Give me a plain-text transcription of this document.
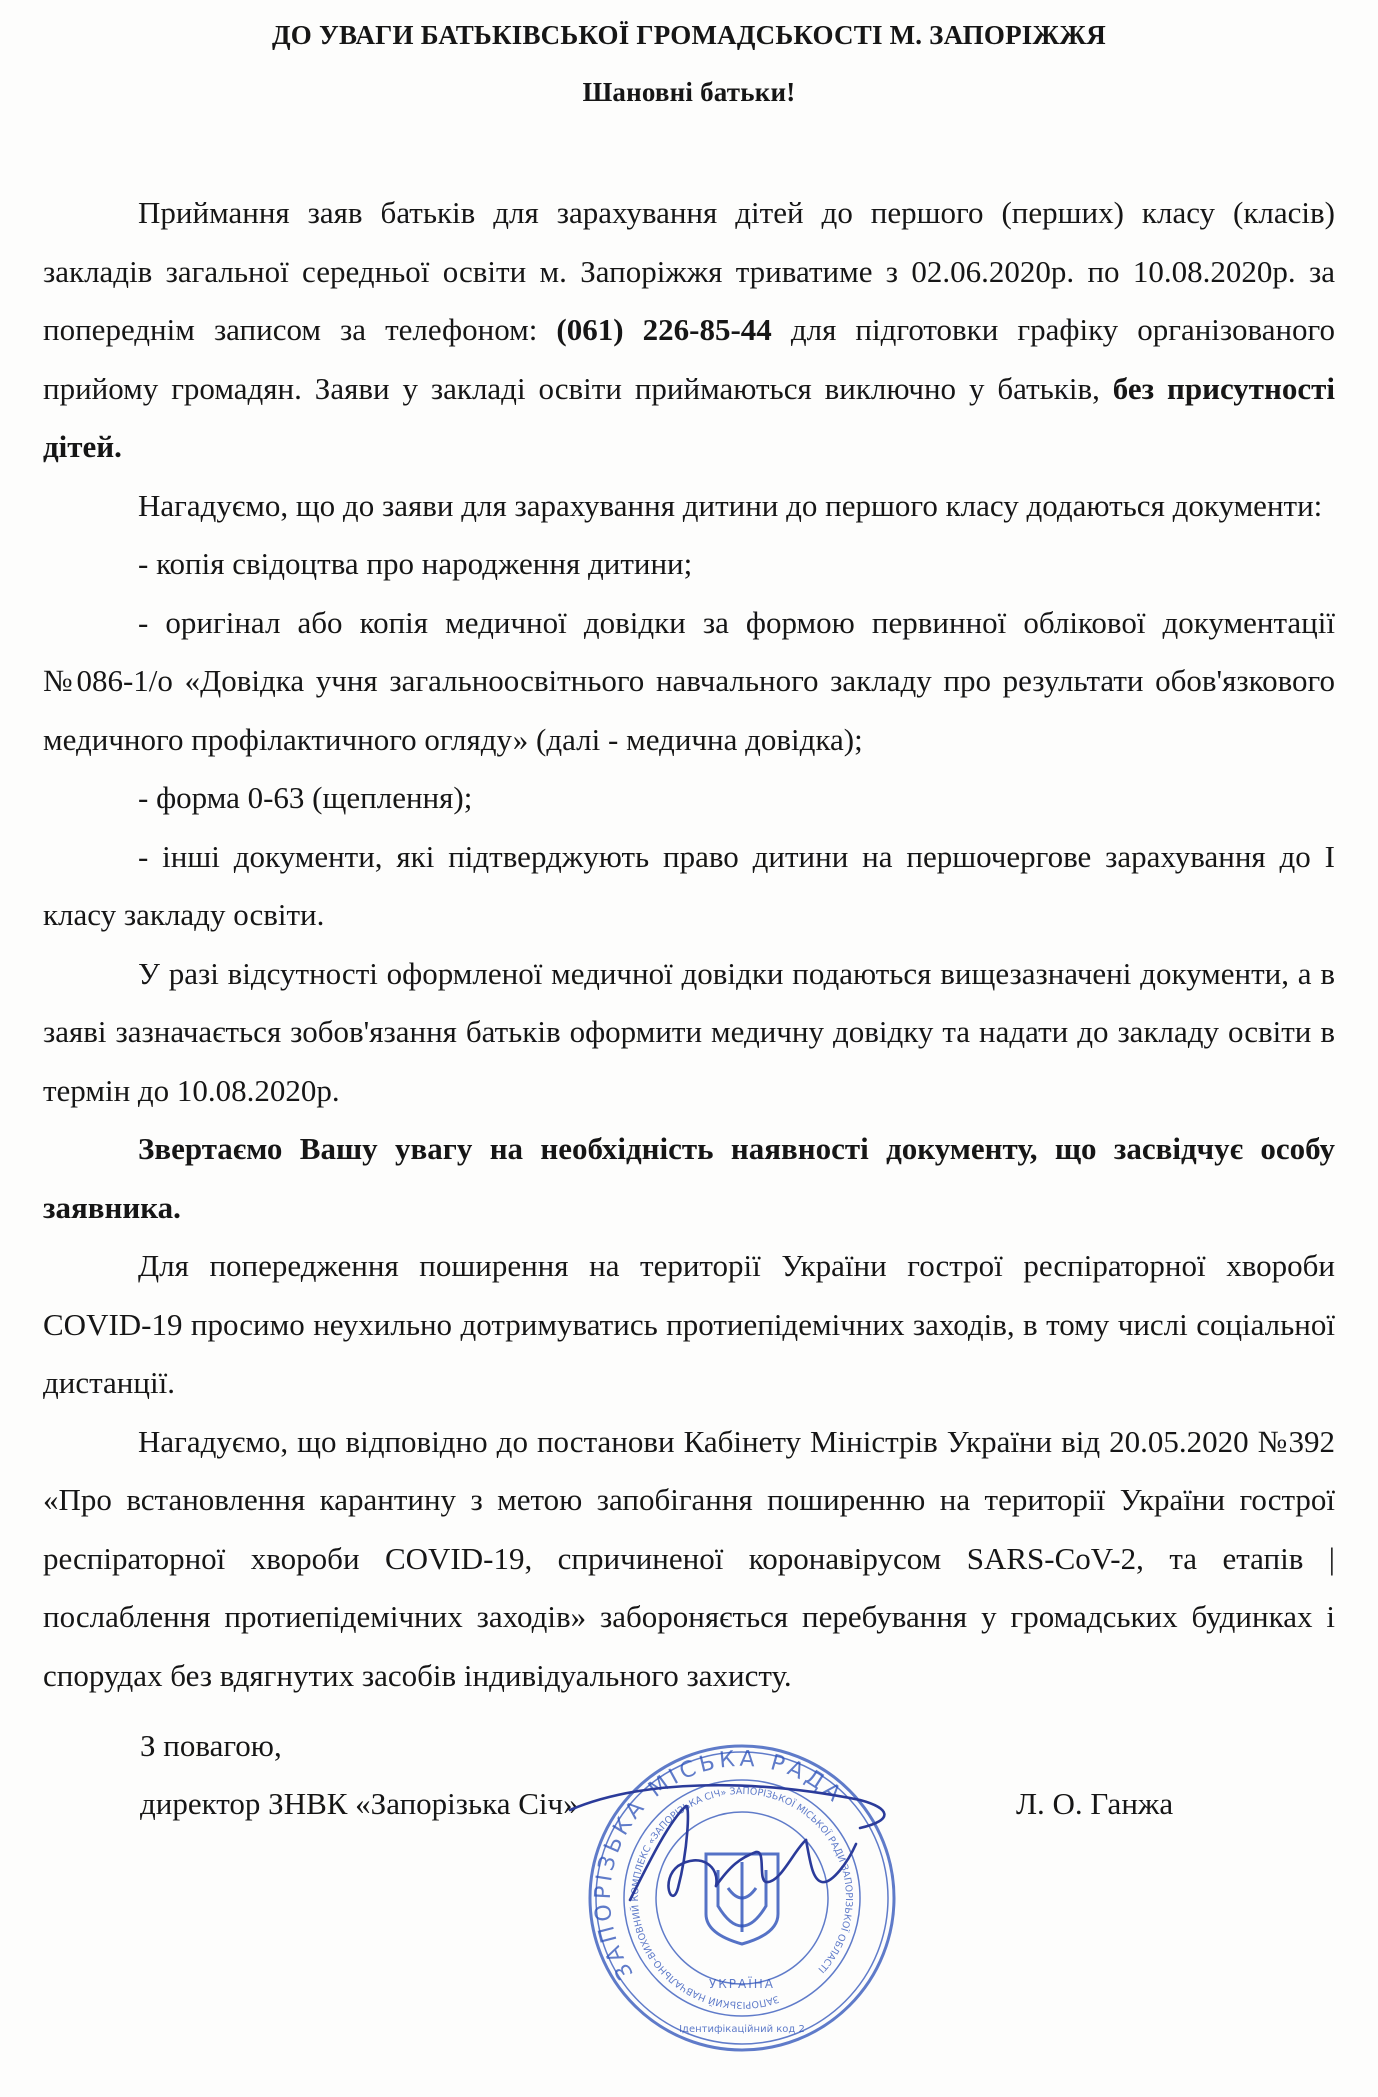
ДО УВАГИ БАТЬКІВСЬКОЇ ГРОМАДСЬКОСТІ М. ЗАПОРІЖЖЯ
Шановні батьки!

Приймання заяв батьків для зарахування дітей до першого (перших) класу (класів) закладів загальної середньої освіти м. Запоріжжя триватиме з 02.06.2020р. по 10.08.2020р. за попереднім записом за телефоном: (061) 226-85-44 для підготовки графіку організованого прийому громадян. Заяви у закладі освіти приймаються виключно у батьків, без присутності дітей.

Нагадуємо, що до заяви для зарахування дитини до першого класу додаються документи:

- копія свідоцтва про народження дитини;

- оригінал або копія медичної довідки за формою первинної облікової документації №086-1/о «Довідка учня загальноосвітнього навчального закладу про результати обов'язкового медичного профілактичного огляду» (далі - медична довідка);

- форма 0-63 (щеплення);

- інші документи, які підтверджують право дитини на першочергове зарахування до І класу закладу освіти.

У разі відсутності оформленої медичної довідки подаються вищезазначені документи, а в заяві зазначається зобов'язання батьків оформити медичну довідку та надати до закладу освіти в термін до 10.08.2020р.

Звертаємо Вашу увагу на необхідність наявності документу, що засвідчує особу заявника.

Для попередження поширення на території України гострої респіраторної хвороби COVID-19 просимо неухильно дотримуватись протиепідемічних заходів, в тому числі соціальної дистанції.

Нагадуємо, що відповідно до постанови Кабінету Міністрів України від 20.05.2020 №392 «Про встановлення карантину з метою запобігання поширенню на території України гострої респіраторної хвороби COVID-19, спричиненої коронавірусом SARS-CoV-2, та етапів |послаблення протиепідемічних заходів» забороняється перебування у громадських будинках і спорудах без вдягнутих засобів індивідуального захисту.

З повагою,
директор ЗНВК «Запорізька Січ»	Л. О. Ганжа
ЗАПОРІЗЬКА МІСЬКА РАДА
ЗАПОРІЗЬКИЙ НАВЧАЛЬНО-ВИХОВНИЙ КОМПЛЕКС «ЗАПОРІЗЬКА СІЧ» ЗАПОРІЗЬКОЇ МІСЬКОЇ РАДИ ЗАПОРІЗЬКОЇ ОБЛАСТІ
УКРАЇНА
Ідентифікаційний код 2
